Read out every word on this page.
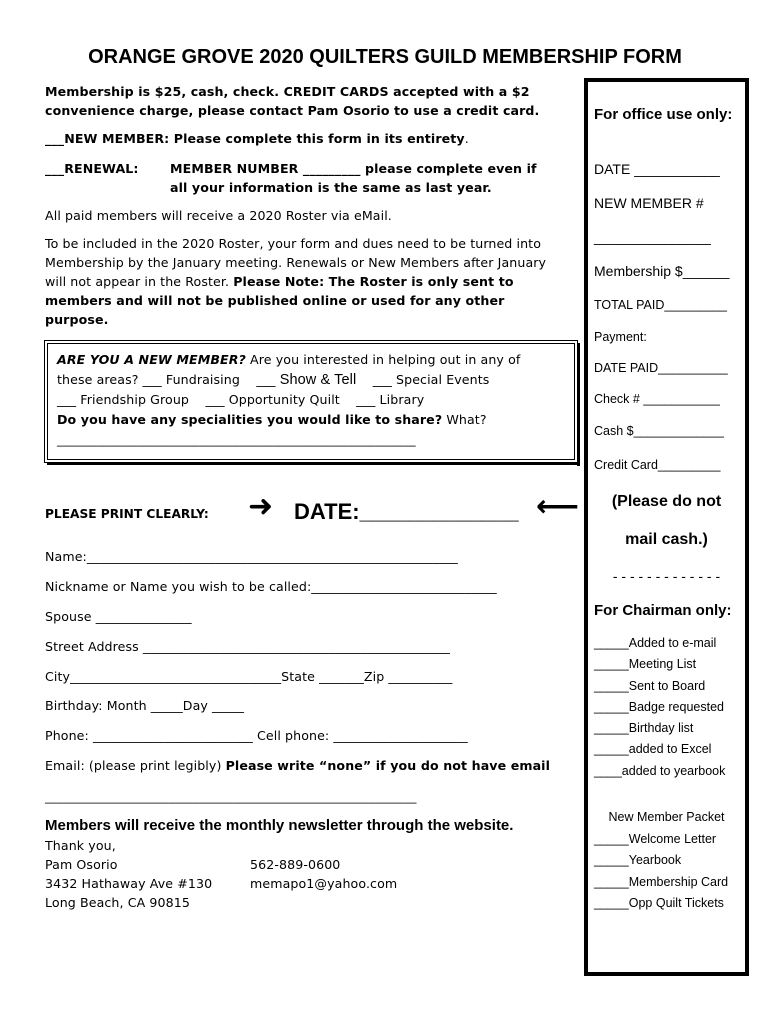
ORANGE GROVE 2020 QUILTERS GUILD MEMBERSHIP FORM
Membership is $25, cash, check. CREDIT CARDS accepted with a $2
convenience charge, please contact Pam Osorio to use a credit card.
___NEW MEMBER: Please complete this form in its entirety.
___RENEWAL: MEMBER NUMBER _________ please complete even if
all your information is the same as last year.
All paid members will receive a 2020 Roster via eMail.
To be included in the 2020 Roster, your form and dues need to be turned into
Membership by the January meeting. Renewals or New Members after January
will not appear in the Roster. Please Note: The Roster is only sent to
members and will not be published online or used for any other
purpose.
ARE YOU A NEW MEMBER? Are you interested in helping out in any of
these areas? ___ Fundraising ___ Show & Tell ___ Special Events
___ Friendship Group ___ Opportunity Quilt ___ Library
Do you have any specialities you would like to share? What?
_______________________________________________________________
PLEASE PRINT CLEARLY: ➜ DATE:_____________ ⟵
Name:__________________________________________________________
Nickname or Name you wish to be called:_____________________________
Spouse _______________
Street Address ________________________________________________
City_________________________________State _______Zip __________
Birthday: Month _____Day _____
Phone: _________________________ Cell phone: _____________________
Email: (please print legibly) Please write “none” if you do not have email
_______________________________________________________________
Members will receive the monthly newsletter through the website.
Thank you,
Pam Osorio
3432 Hathaway Ave #130
Long Beach, CA 90815
562-889-0600
memapo1@yahoo.com
For office use only:
DATE ___________
NEW MEMBER #
_______________
Membership $______
TOTAL PAID_________
Payment:
DATE PAID__________
Check # ___________
Cash $_____________
Credit Card_________
(Please do not
mail cash.)
- - - - - - - - - - - - -
For Chairman only:
_____Added to e-mail
_____Meeting List
_____Sent to Board
_____Badge requested
_____Birthday list
_____added to Excel
____added to yearbook
New Member Packet
_____Welcome Letter
_____Yearbook
_____Membership Card
_____Opp Quilt Tickets
